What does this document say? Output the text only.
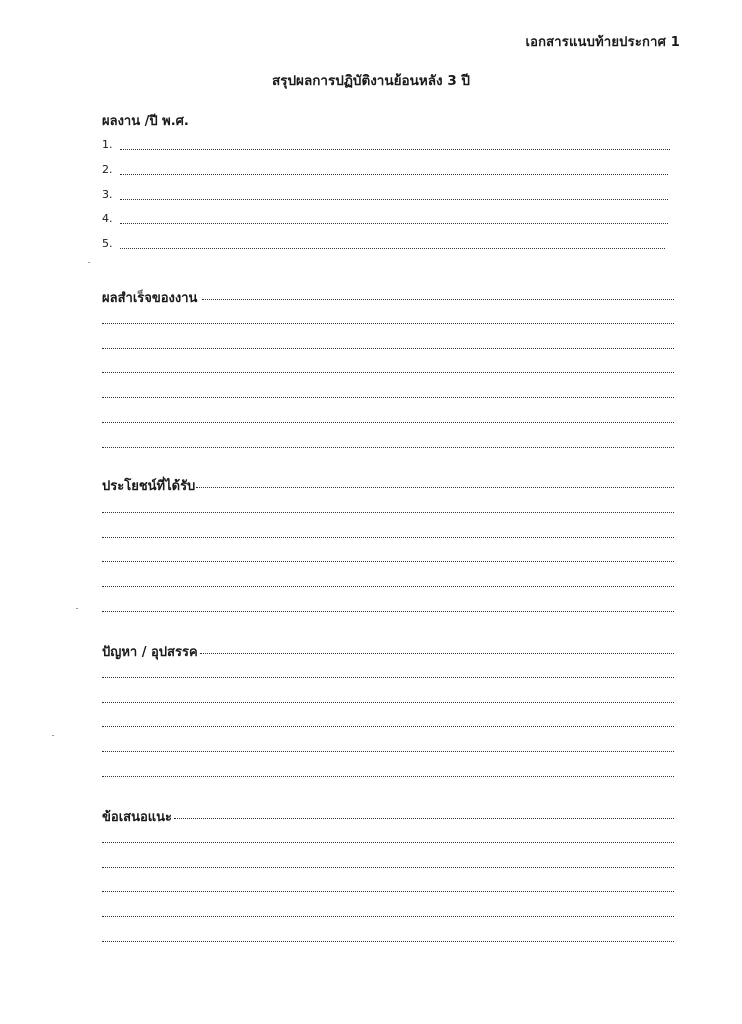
เอกสารแนบท้ายประกาศ 1
สรุปผลการปฏิบัติงานย้อนหลัง 3 ปี
ผลงาน /ปี พ.ศ.
1.
2.
3.
4.
5.
ผลสำเร็จของงาน
ประโยชน์ที่ได้รับ
ปัญหา / อุปสรรค
ข้อเสนอแนะ
